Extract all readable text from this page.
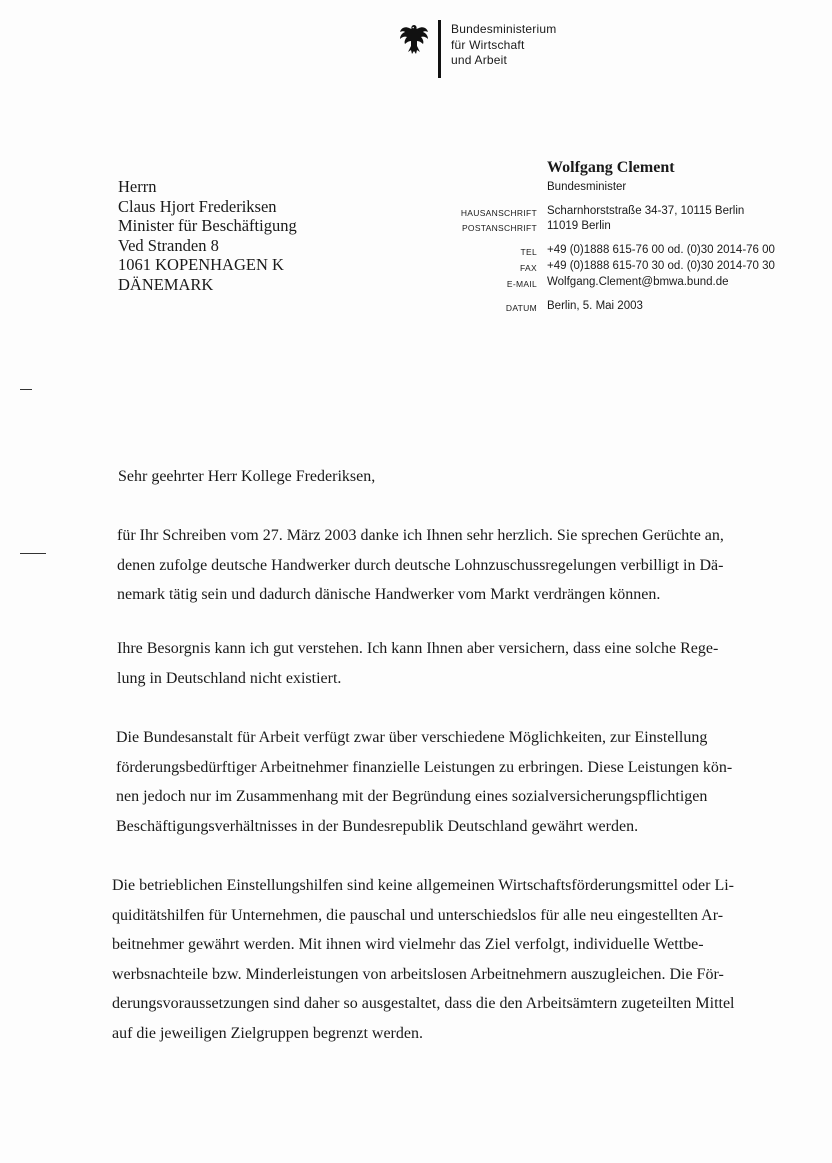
Bundesministerium
für Wirtschaft
und Arbeit
Herrn
Claus Hjort Frederiksen
Minister für Beschäftigung
Ved Stranden 8
1061 KOPENHAGEN K
DÄNEMARK
Wolfgang Clement
Bundesminister
HAUSANSCHRIFT Scharnhorststraße 34-37, 10115 Berlin
POSTANSCHRIFT 11019 Berlin
TEL +49 (0)1888 615-76 00 od. (0)30 2014-76 00
FAX +49 (0)1888 615-70 30 od. (0)30 2014-70 30
E-MAIL Wolfgang.Clement@bmwa.bund.de
DATUM Berlin, 5. Mai 2003
Sehr geehrter Herr Kollege Frederiksen,
für Ihr Schreiben vom 27. März 2003 danke ich Ihnen sehr herzlich. Sie sprechen Gerüchte an,
denen zufolge deutsche Handwerker durch deutsche Lohnzuschussregelungen verbilligt in Dä-
nemark tätig sein und dadurch dänische Handwerker vom Markt verdrängen können.
Ihre Besorgnis kann ich gut verstehen. Ich kann Ihnen aber versichern, dass eine solche Rege-
lung in Deutschland nicht existiert.
Die Bundesanstalt für Arbeit verfügt zwar über verschiedene Möglichkeiten, zur Einstellung
förderungsbedürftiger Arbeitnehmer finanzielle Leistungen zu erbringen. Diese Leistungen kön-
nen jedoch nur im Zusammenhang mit der Begründung eines sozialversicherungspflichtigen
Beschäftigungsverhältnisses in der Bundesrepublik Deutschland gewährt werden.
Die betrieblichen Einstellungshilfen sind keine allgemeinen Wirtschaftsförderungsmittel oder Li-
quiditätshilfen für Unternehmen, die pauschal und unterschiedslos für alle neu eingestellten Ar-
beitnehmer gewährt werden. Mit ihnen wird vielmehr das Ziel verfolgt, individuelle Wettbe-
werbsnachteile bzw. Minderleistungen von arbeitslosen Arbeitnehmern auszugleichen. Die För-
derungsvoraussetzungen sind daher so ausgestaltet, dass die den Arbeitsämtern zugeteilten Mittel
auf die jeweiligen Zielgruppen begrenzt werden.
